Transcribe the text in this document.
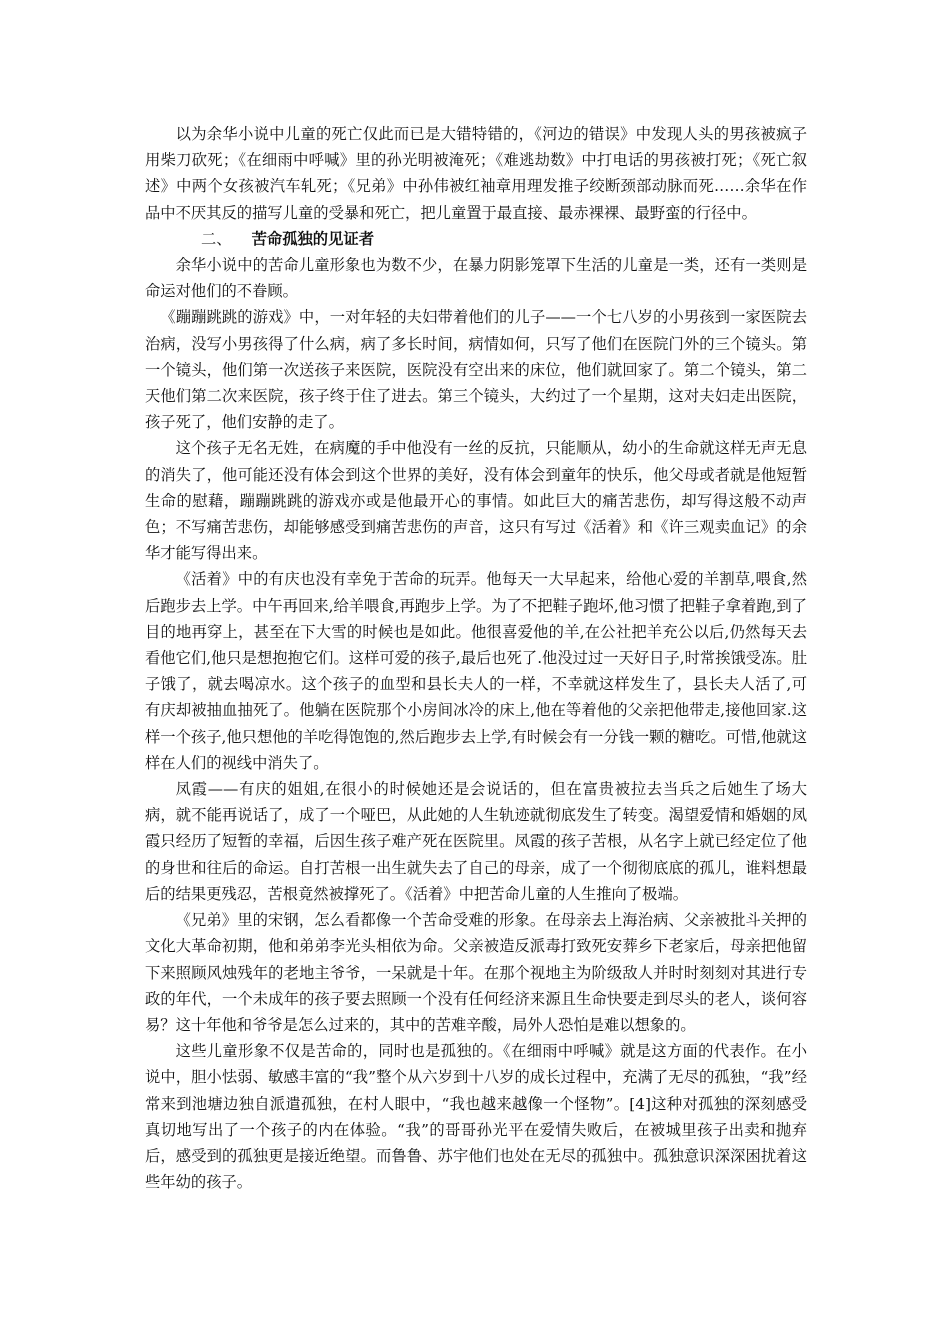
以为余华小说中儿童的死亡仅此而已是大错特错的，《河边的错误》中发现人头的男孩被疯子用柴刀砍死；《在细雨中呼喊》里的孙光明被淹死；《难逃劫数》中打电话的男孩被打死；《死亡叙述》中两个女孩被汽车轧死；《兄弟》中孙伟被红袖章用理发推子绞断颈部动脉而死……余华在作品中不厌其反的描写儿童的受暴和死亡，把儿童置于最直接、最赤裸裸、最野蛮的行径中。

二、 苦命孤独的见证者

余华小说中的苦命儿童形象也为数不少，在暴力阴影笼罩下生活的儿童是一类，还有一类则是命运对他们的不眷顾。

《蹦蹦跳跳的游戏》中，一对年轻的夫妇带着他们的儿子——一个七八岁的小男孩到一家医院去治病，没写小男孩得了什么病，病了多长时间，病情如何，只写了他们在医院门外的三个镜头。第一个镜头，他们第一次送孩子来医院，医院没有空出来的床位，他们就回家了。第二个镜头，第二天他们第二次来医院，孩子终于住了进去。第三个镜头，大约过了一个星期，这对夫妇走出医院，孩子死了，他们安静的走了。

这个孩子无名无姓，在病魔的手中他没有一丝的反抗，只能顺从，幼小的生命就这样无声无息的消失了，他可能还没有体会到这个世界的美好，没有体会到童年的快乐，他父母或者就是他短暂生命的慰藉，蹦蹦跳跳的游戏亦或是他最开心的事情。如此巨大的痛苦悲伤，却写得这般不动声色；不写痛苦悲伤，却能够感受到痛苦悲伤的声音，这只有写过《活着》和《许三观卖血记》的余华才能写得出来。

《活着》中的有庆也没有幸免于苦命的玩弄。他每天一大早起来，给他心爱的羊割草,喂食,然后跑步去上学。中午再回来,给羊喂食,再跑步上学。为了不把鞋子跑坏,他习惯了把鞋子拿着跑,到了目的地再穿上，甚至在下大雪的时候也是如此。他很喜爱他的羊,在公社把羊充公以后,仍然每天去看他它们,他只是想抱抱它们。这样可爱的孩子,最后也死了.他没过过一天好日子,时常挨饿受冻。肚子饿了，就去喝凉水。这个孩子的血型和县长夫人的一样，不幸就这样发生了，县长夫人活了,可有庆却被抽血抽死了。他躺在医院那个小房间冰冷的床上,他在等着他的父亲把他带走,接他回家.这样一个孩子,他只想他的羊吃得饱饱的,然后跑步去上学,有时候会有一分钱一颗的糖吃。可惜,他就这样在人们的视线中消失了。

凤霞——有庆的姐姐,在很小的时候她还是会说话的，但在富贵被拉去当兵之后她生了场大病，就不能再说话了，成了一个哑巴，从此她的人生轨迹就彻底发生了转变。渴望爱情和婚姻的凤霞只经历了短暂的幸福，后因生孩子难产死在医院里。凤霞的孩子苦根，从名字上就已经定位了他的身世和往后的命运。自打苦根一出生就失去了自己的母亲，成了一个彻彻底底的孤儿，谁料想最后的结果更残忍，苦根竟然被撑死了。《活着》中把苦命儿童的人生推向了极端。

《兄弟》里的宋钢，怎么看都像一个苦命受难的形象。在母亲去上海治病、父亲被批斗关押的文化大革命初期，他和弟弟李光头相依为命。父亲被造反派毒打致死安葬乡下老家后，母亲把他留下来照顾风烛残年的老地主爷爷，一呆就是十年。在那个视地主为阶级敌人并时时刻刻对其进行专政的年代，一个未成年的孩子要去照顾一个没有任何经济来源且生命快要走到尽头的老人，谈何容易？这十年他和爷爷是怎么过来的，其中的苦难辛酸，局外人恐怕是难以想象的。

这些儿童形象不仅是苦命的，同时也是孤独的。《在细雨中呼喊》就是这方面的代表作。在小说中，胆小怯弱、敏感丰富的“我”整个从六岁到十八岁的成长过程中，充满了无尽的孤独，“我”经常来到池塘边独自派遣孤独，在村人眼中，“我也越来越像一个怪物”。[4]这种对孤独的深刻感受真切地写出了一个孩子的内在体验。“我”的哥哥孙光平在爱情失败后，在被城里孩子出卖和抛弃后，感受到的孤独更是接近绝望。而鲁鲁、苏宇他们也处在无尽的孤独中。孤独意识深深困扰着这些年幼的孩子。
